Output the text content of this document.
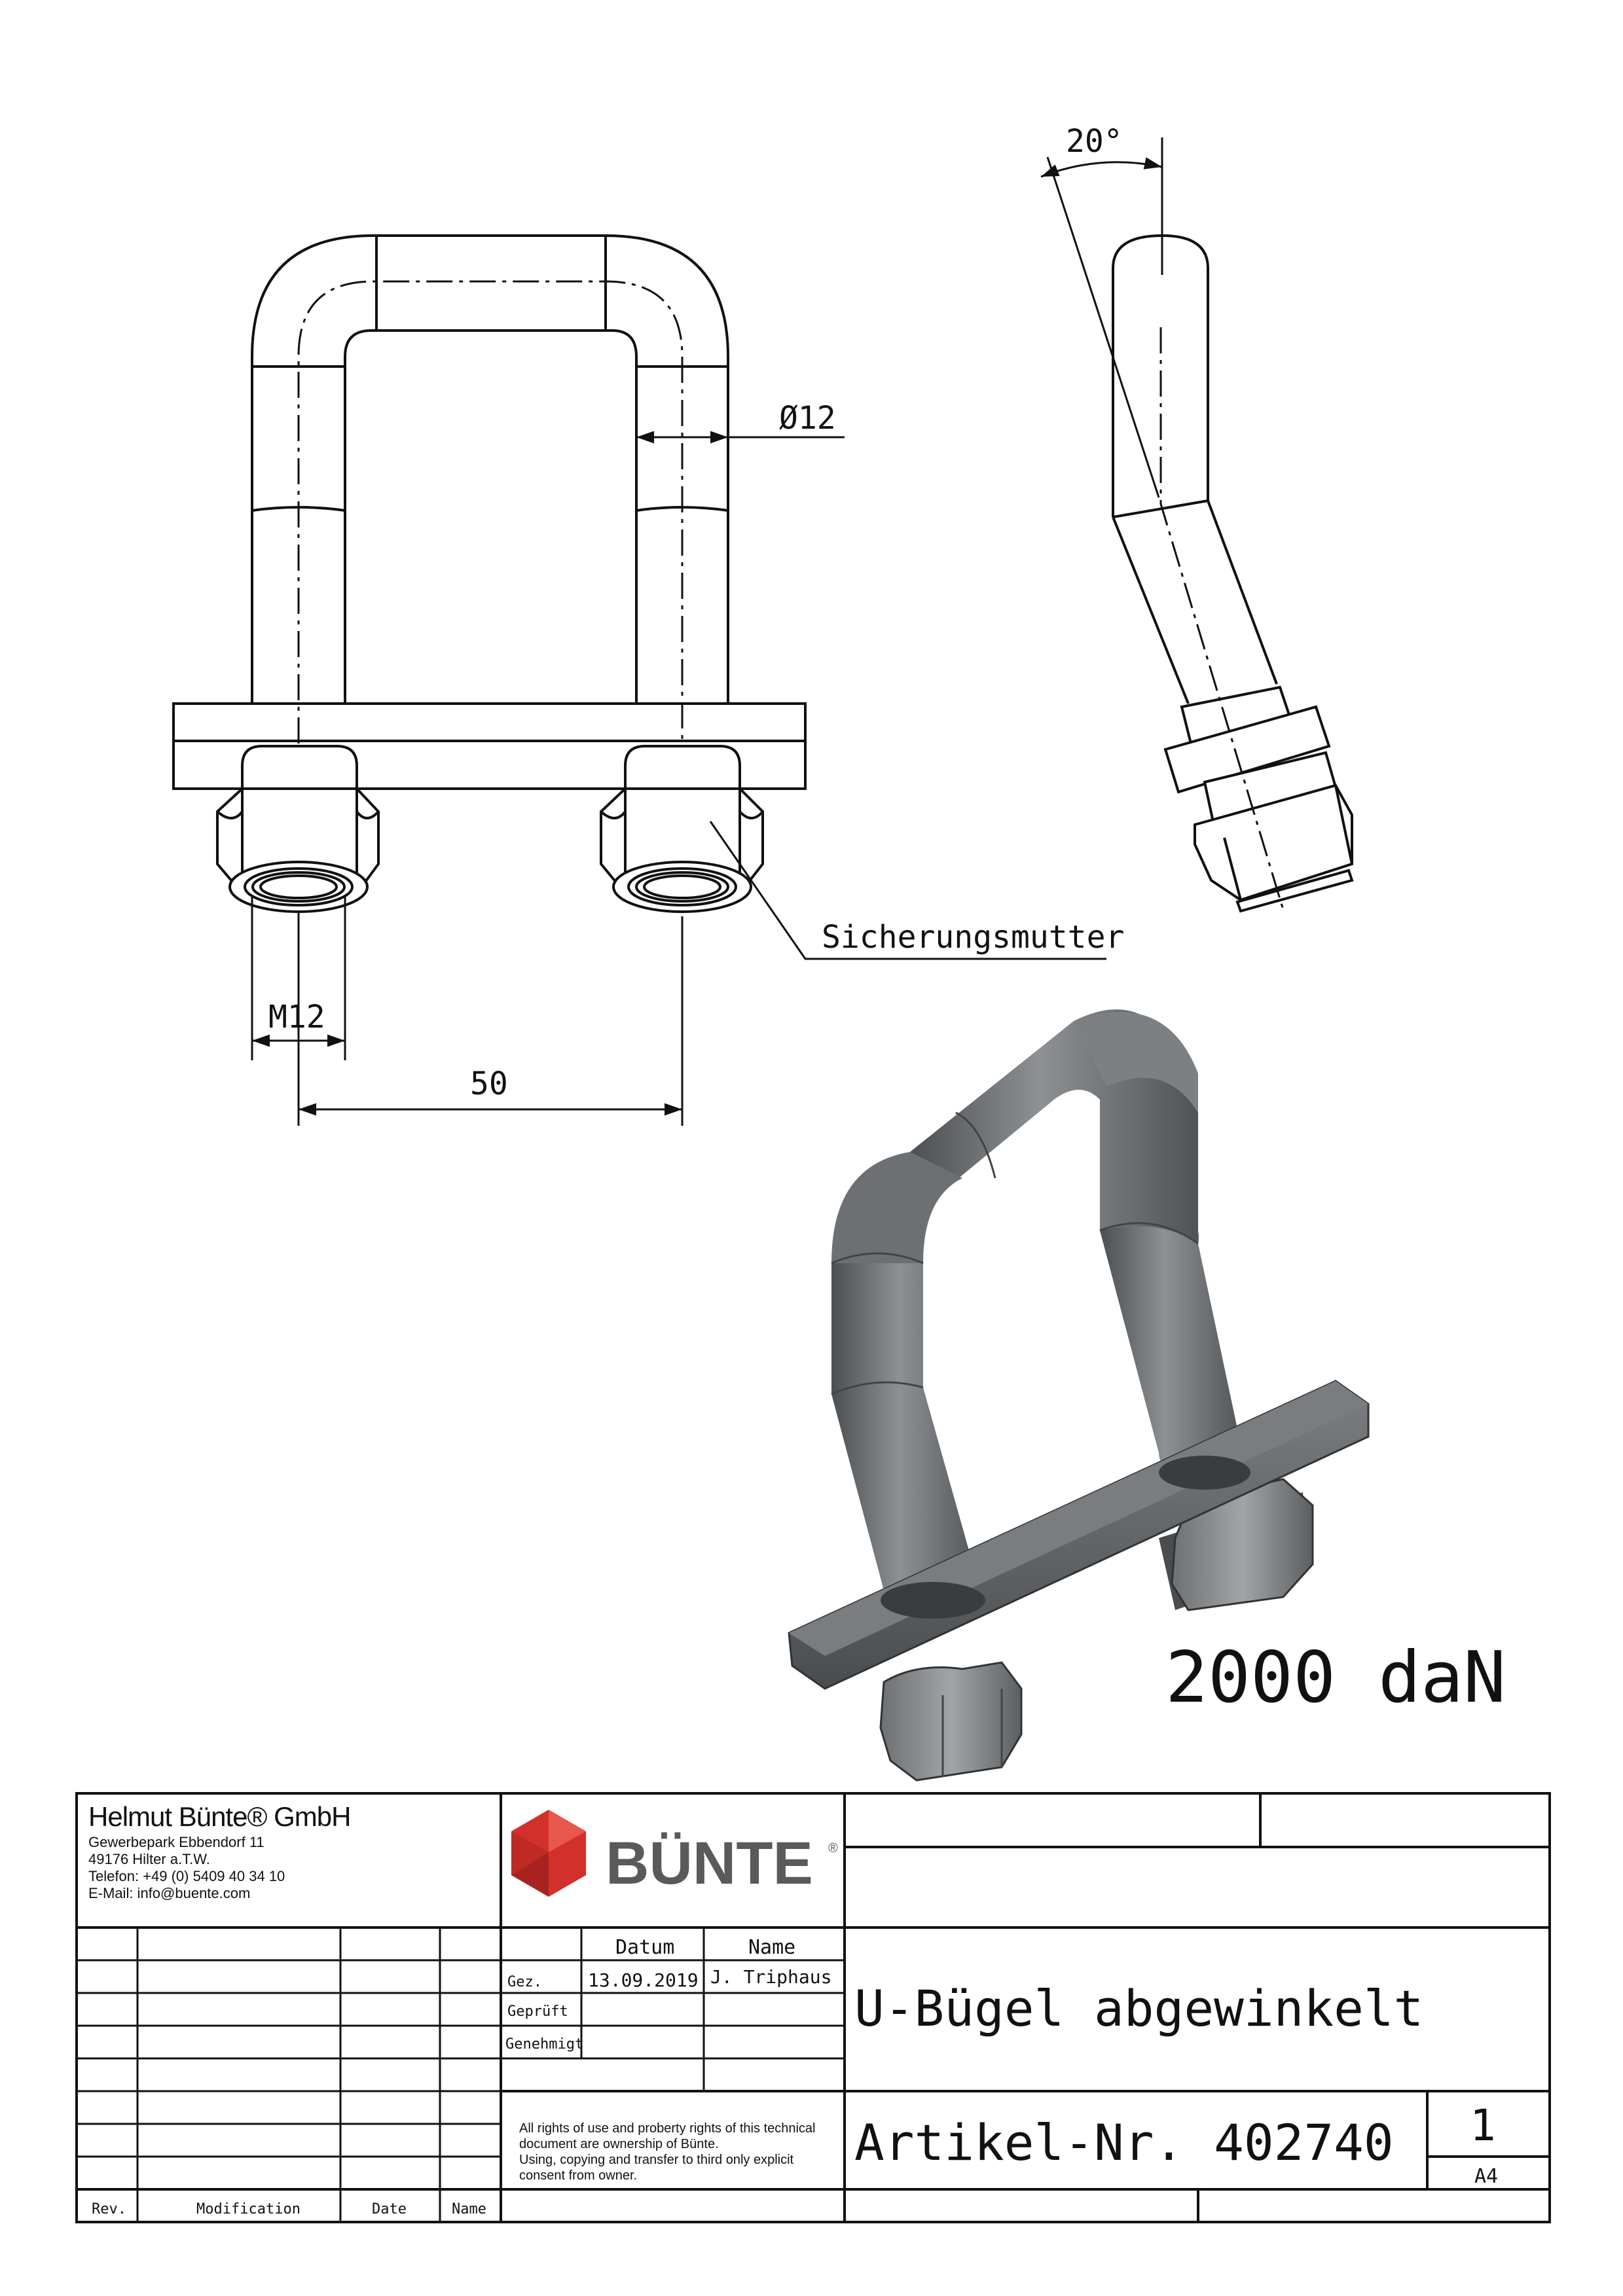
Ø12
M12
50
Sicherungsmutter
20°
2000 daN
Helmut Bünte® GmbH
Gewerbepark Ebbendorf 11
49176 Hilter a.T.W.
Telefon: +49 (0) 5409 40 34 10
E-Mail: info@buente.com	BÜNTE ®
Datum	Name
Gez.	13.09.2019 J. Triphaus
Geprüft
Genehmigt
All rights of use and proberty rights of this technical
document are ownership of Bünte.
Using, copying and transfer to third only explicit
consent from owner.
Rev.	Modification	Date	Name
U-Bügel abgewinkelt
Artikel-Nr. 402740 1
A4
